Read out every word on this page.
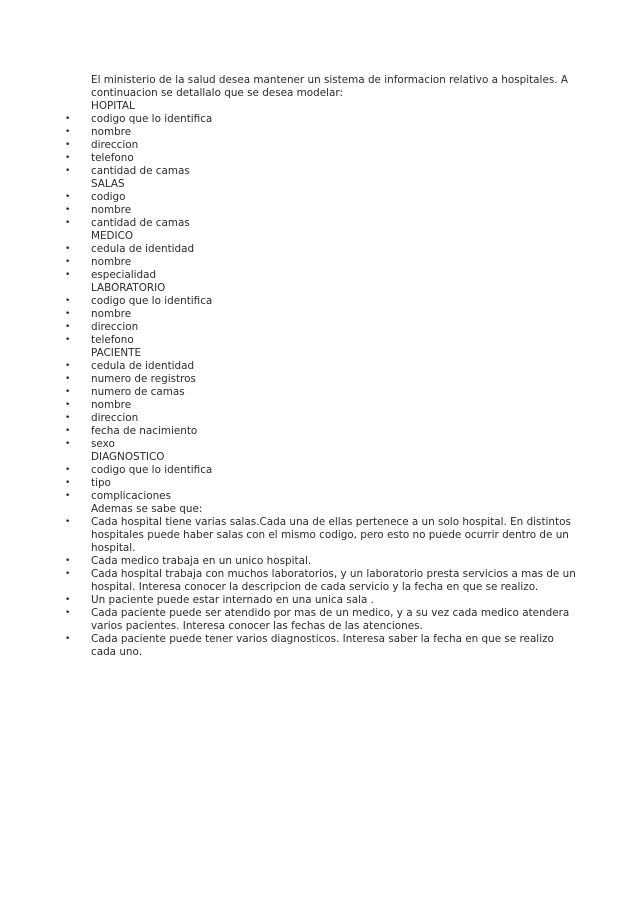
El ministerio de la salud desea mantener un sistema de informacion relativo a hospitales. A
continuacion se detallalo que se desea modelar:
HOPITAL
•	codigo que lo identifica
•	nombre
•	direccion
•	telefono
•	cantidad de camas
SALAS
•	codigo
•	nombre
•	cantidad de camas
MEDICO
•	cedula de identidad
•	nombre
•	especialidad
LABORATORIO
•	codigo que lo identifica
•	nombre
•	direccion
•	telefono
PACIENTE
•	cedula de identidad
•	numero de registros
•	numero de camas
•	nombre
•	direccion
•	fecha de nacimiento
•	sexo
DIAGNOSTICO
•	codigo que lo identifica
•	tipo
•	complicaciones
Ademas se sabe que:
•	Cada hospital tiene varias salas.Cada una de ellas pertenece a un solo hospital. En distintos
hospitales puede haber salas con el mismo codigo, pero esto no puede ocurrir dentro de un
hospital.
•	Cada medico trabaja en un unico hospital.
•	Cada hospital trabaja con muchos laboratorios, y un laboratorio presta servicios a mas de un
hospital. Interesa conocer la descripcion de cada servicio y la fecha en que se realizo.
•	Un paciente puede estar internado en una unica sala .
•	Cada paciente puede ser atendido por mas de un medico, y a su vez cada medico atendera
varios pacientes. Interesa conocer las fechas de las atenciones.
•	Cada paciente puede tener varios diagnosticos. Interesa saber la fecha en que se realizo
cada uno.
